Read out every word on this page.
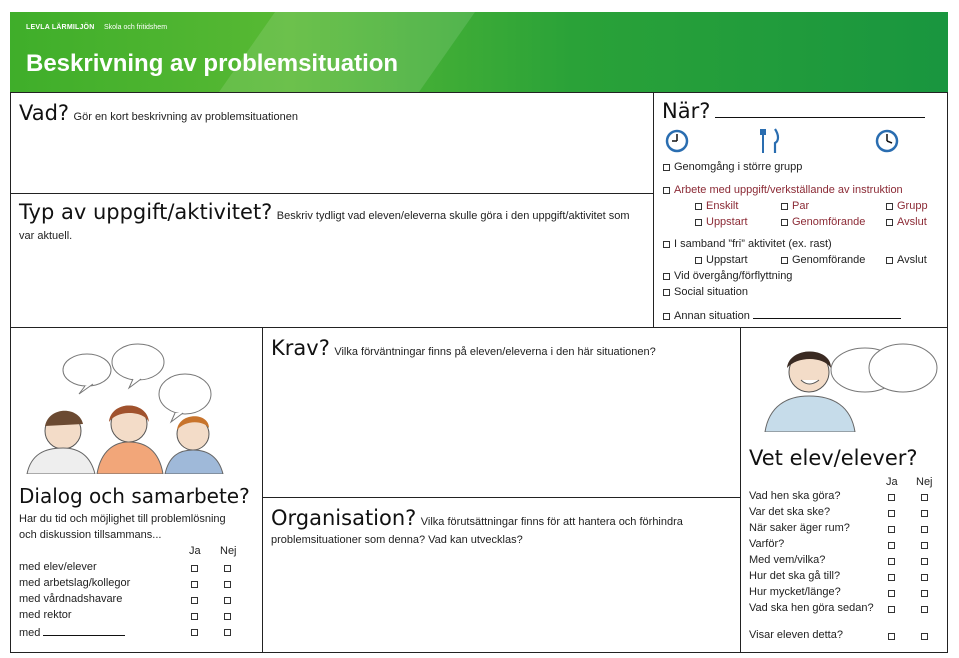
LEVLA LÄRMILJÖN Skola och fritidshem
Beskrivning av problemsituation
Vad? Gör en kort beskrivning av problemsituationen
Typ av uppgift/aktivitet? Beskriv tydligt vad eleven/eleverna skulle göra i den uppgift/aktivitet som
var aktuell.
När?
Genomgång i större grupp
Arbete med uppgift/verkställande av instruktion
Enskilt	Par	Grupp
Uppstart	Genomförande	Avslut
I samband ”fri” aktivitet (ex. rast)
Uppstart	Genomförande	Avslut
Vid övergång/förflyttning
Social situation
Annan situation
Dialog och samarbete?
Har du tid och möjlighet till problemlösning
och diskussion tillsammans...
Ja Nej
med elev/elever
med arbetslag/kollegor
med vårdnadshavare
med rektor
med
Krav? Vilka förväntningar finns på eleven/eleverna i den här situationen?
Organisation? Vilka förutsättningar finns för att hantera och förhindra
problemsituationer som denna? Vad kan utvecklas?
Vet elev/elever?
Ja Nej
Vad hen ska göra?
Var det ska ske?
När saker äger rum?
Varför?
Med vem/vilka?
Hur det ska gå till?
Hur mycket/länge?
Vad ska hen göra sedan?
Visar eleven detta?
